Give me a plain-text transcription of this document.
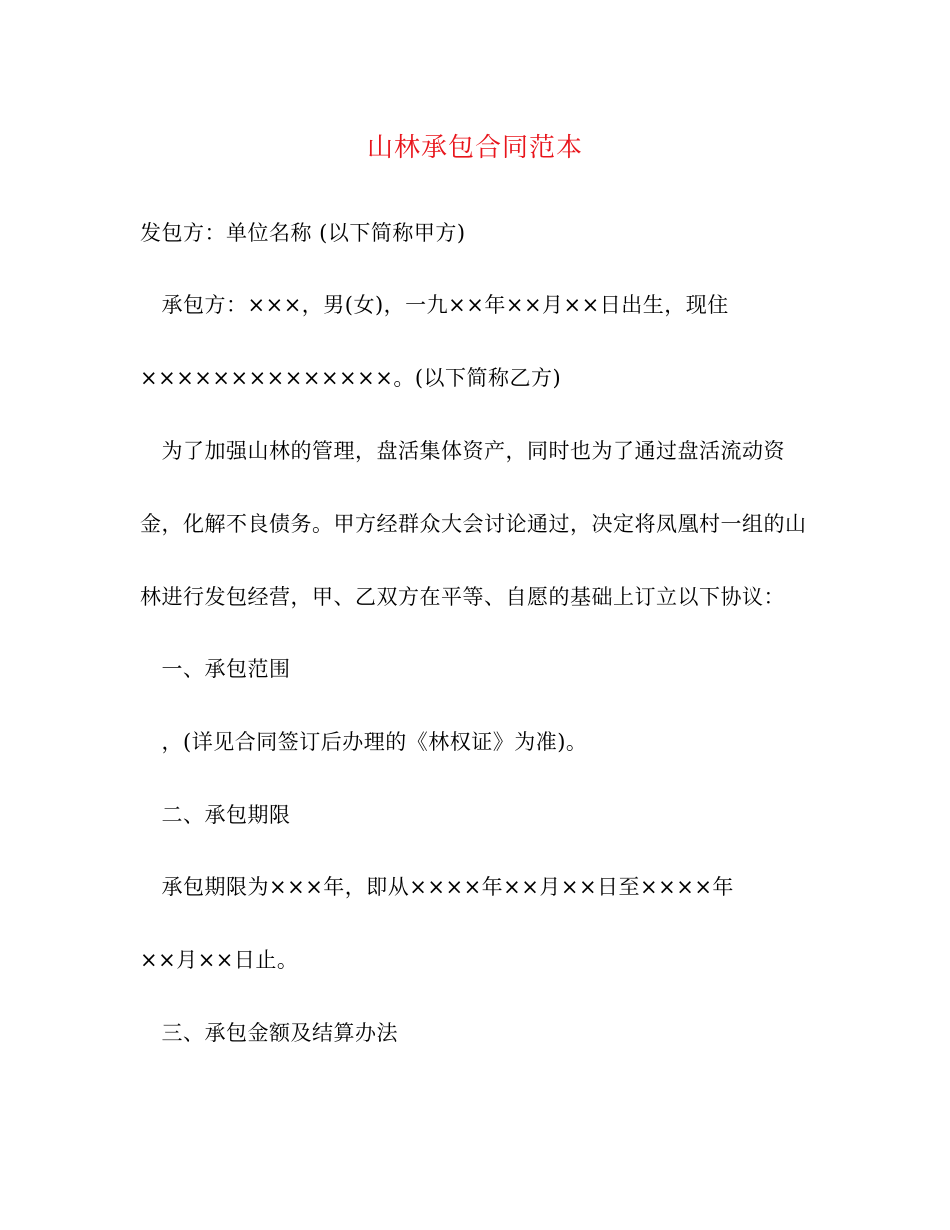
山林承包合同范本
发包方：单位名称 (以下简称甲方)
　承包方：×××，男(女)，一九××年××月××日出生，现住
××××××××××××××。(以下简称乙方)
　为了加强山林的管理，盘活集体资产，同时也为了通过盘活流动资
金，化解不良债务。甲方经群众大会讨论通过，决定将凤凰村一组的山
林进行发包经营，甲、乙双方在平等、自愿的基础上订立以下协议：
　一、承包范围
　，(详见合同签订后办理的《林权证》为准)。
　二、承包期限
　承包期限为×××年，即从××××年××月××日至××××年
××月××日止。
　三、承包金额及结算办法
